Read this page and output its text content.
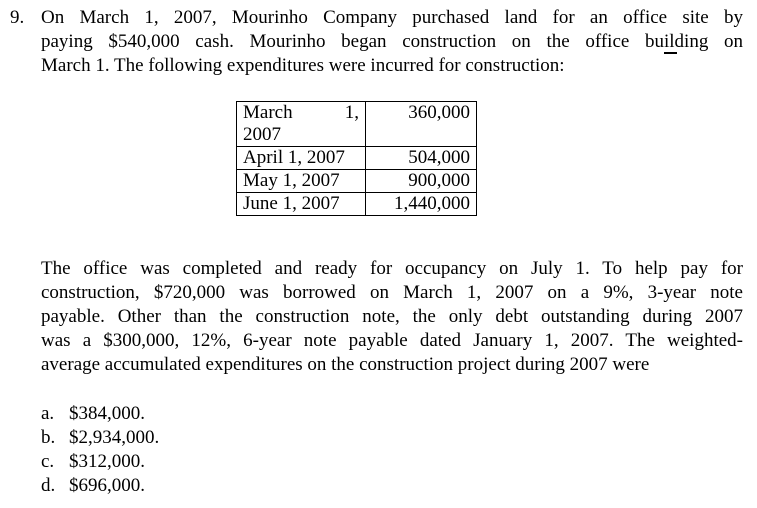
9. On March 1, 2007, Mourinho Company purchased land for an office site by
paying $540,000 cash. Mourinho began construction on the office building on
March 1. The following expenditures were incurred for construction:
March 1,
2007	360,000
April 1, 2007	504,000
May 1, 2007	900,000
June 1, 2007	1,440,000
The office was completed and ready for occupancy on July 1. To help pay for
construction, $720,000 was borrowed on March 1, 2007 on a 9%, 3-year note
payable. Other than the construction note, the only debt outstanding during 2007
was a $300,000, 12%, 6-year note payable dated January 1, 2007. The weighted-
average accumulated expenditures on the construction project during 2007 were
a. $384,000.
b. $2,934,000.
c. $312,000.
d. $696,000.
